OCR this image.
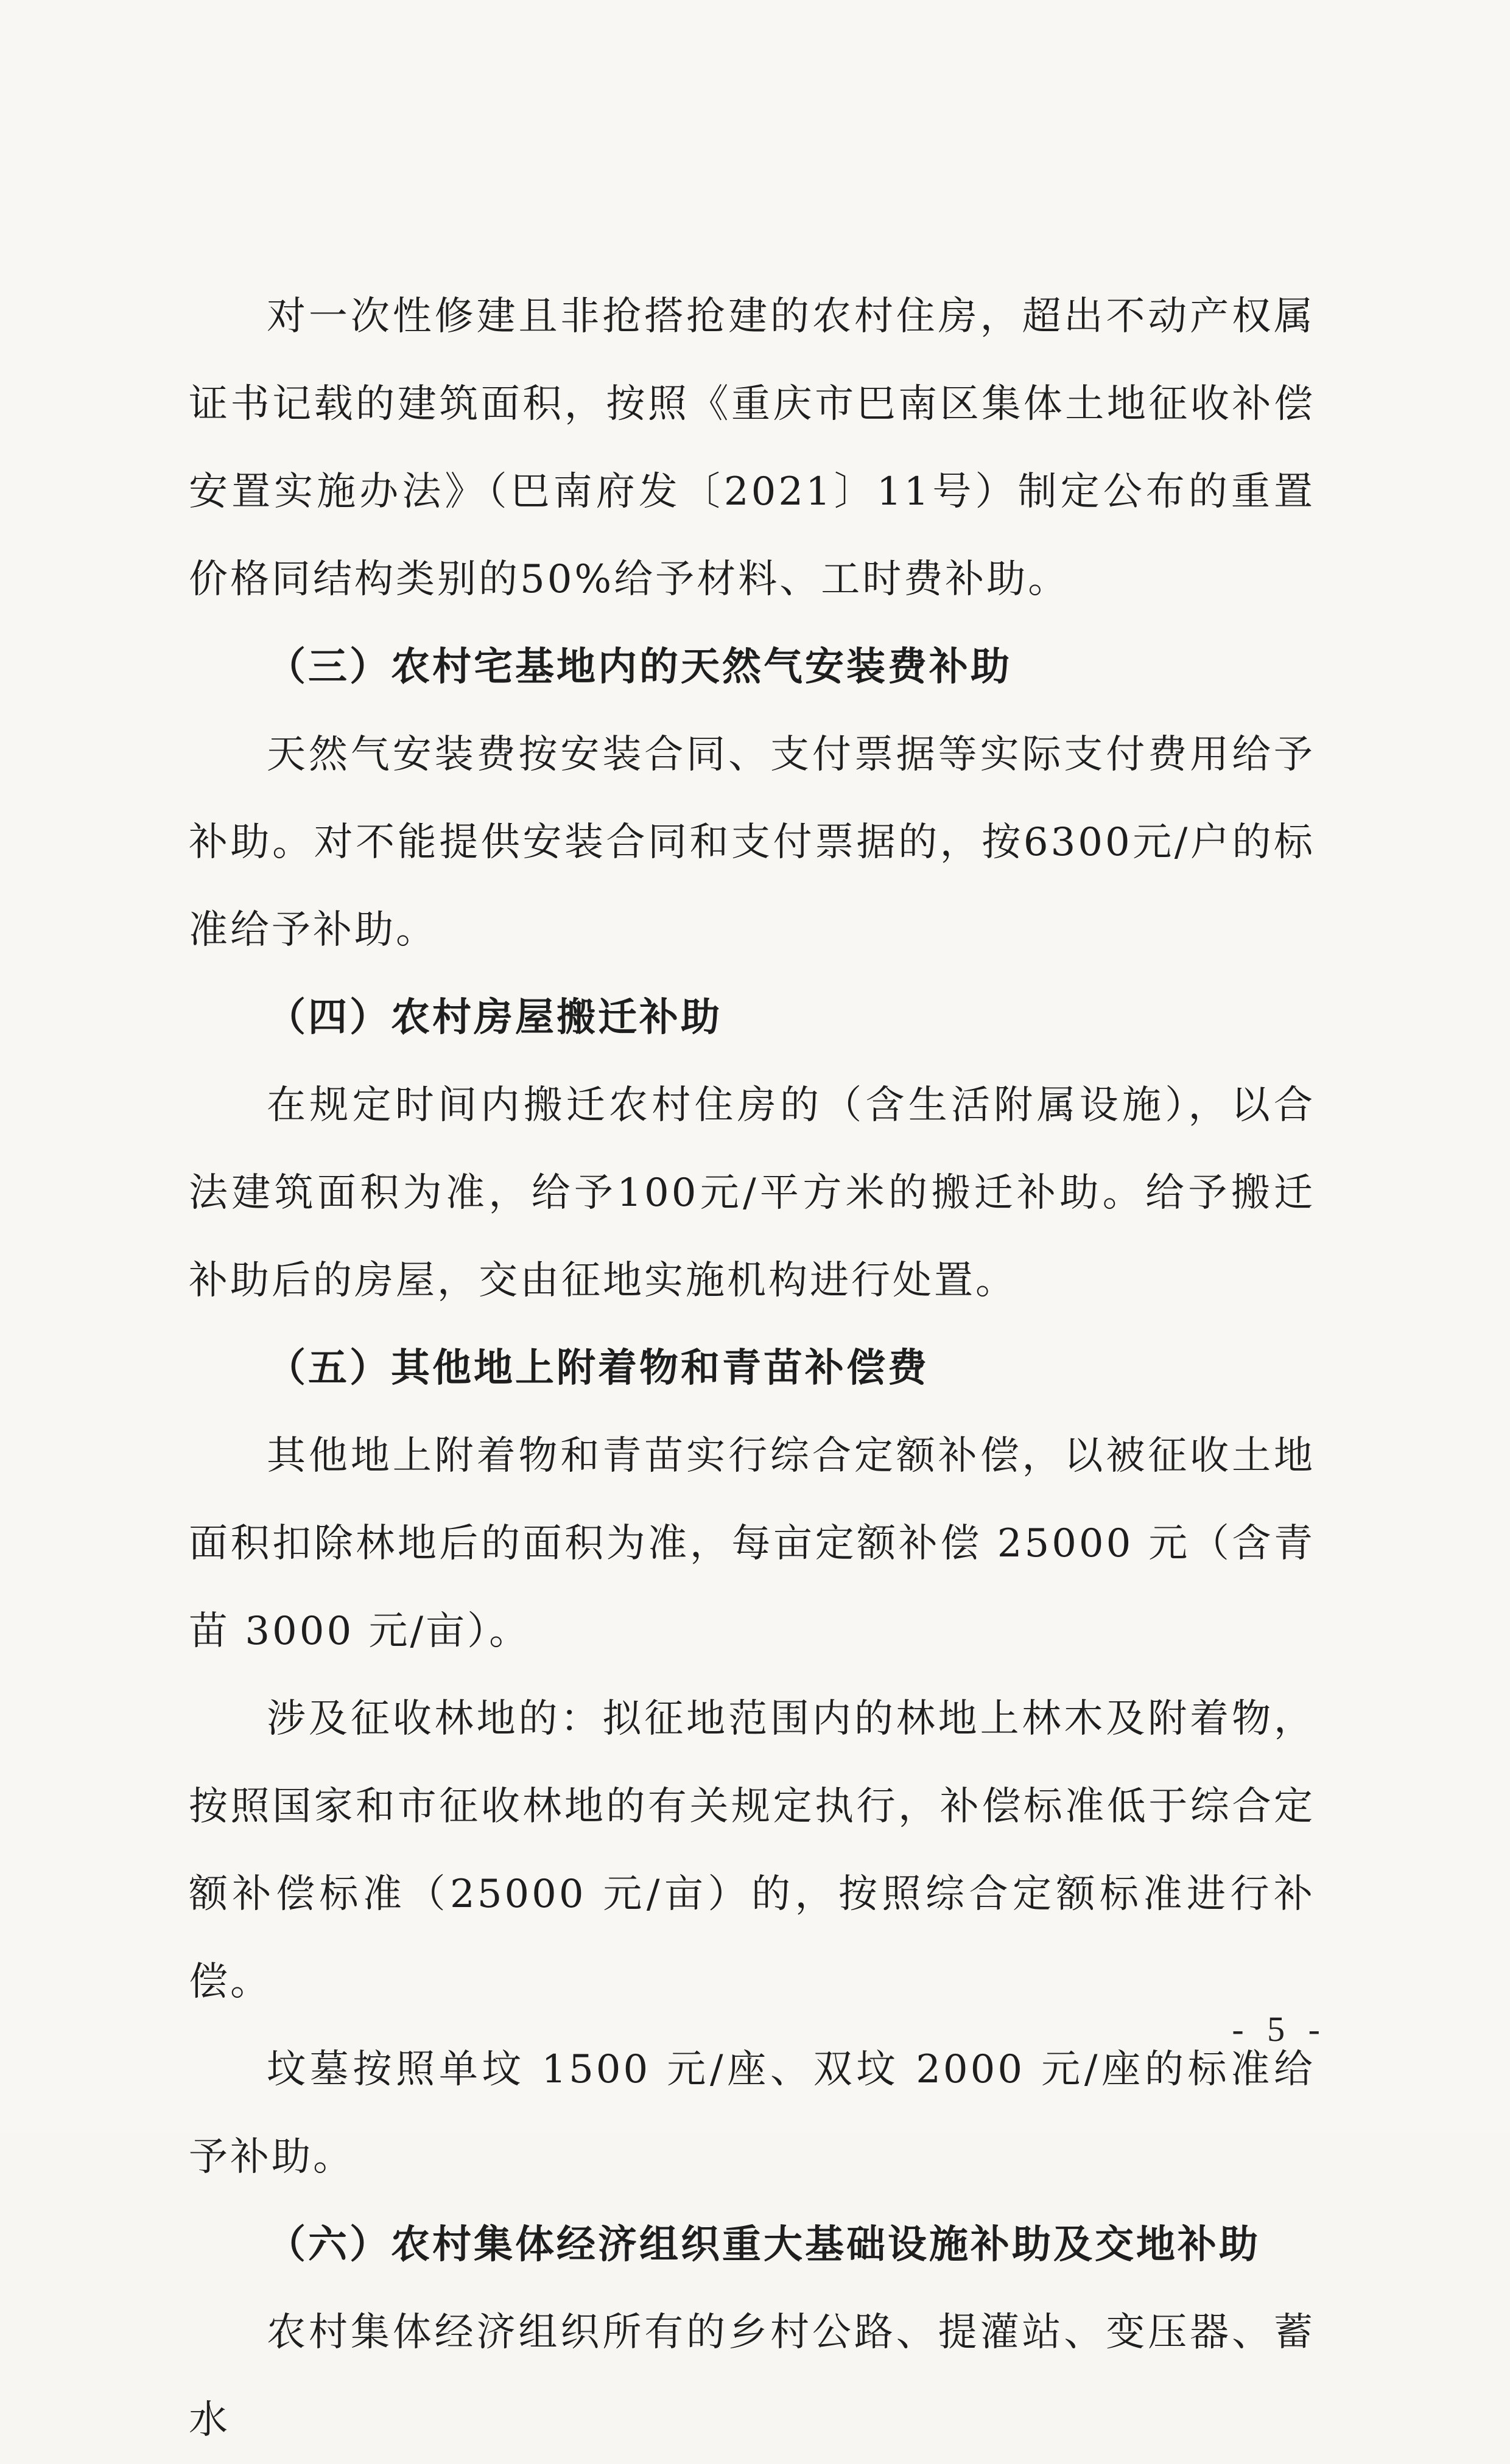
对一次性修建且非抢搭抢建的农村住房，超出不动产权属证书记载的建筑面积，按照《重庆市巴南区集体土地征收补偿安置实施办法》（巴南府发〔2021〕11号）制定公布的重置价格同结构类别的50%给予材料、工时费补助。

（三）农村宅基地内的天然气安装费补助

天然气安装费按安装合同、支付票据等实际支付费用给予补助。对不能提供安装合同和支付票据的，按6300元/户的标准给予补助。

（四）农村房屋搬迁补助

在规定时间内搬迁农村住房的（含生活附属设施），以合法建筑面积为准，给予100元/平方米的搬迁补助。给予搬迁补助后的房屋，交由征地实施机构进行处置。

（五）其他地上附着物和青苗补偿费

其他地上附着物和青苗实行综合定额补偿，以被征收土地面积扣除林地后的面积为准，每亩定额补偿 25000 元（含青苗 3000 元/亩）。

涉及征收林地的：拟征地范围内的林地上林木及附着物，按照国家和市征收林地的有关规定执行，补偿标准低于综合定额补偿标准（25000 元/亩）的，按照综合定额标准进行补偿。

坟墓按照单坟 1500 元/座、双坟 2000 元/座的标准给予补助。

（六）农村集体经济组织重大基础设施补助及交地补助

农村集体经济组织所有的乡村公路、提灌站、变压器、蓄水

- 5 -
